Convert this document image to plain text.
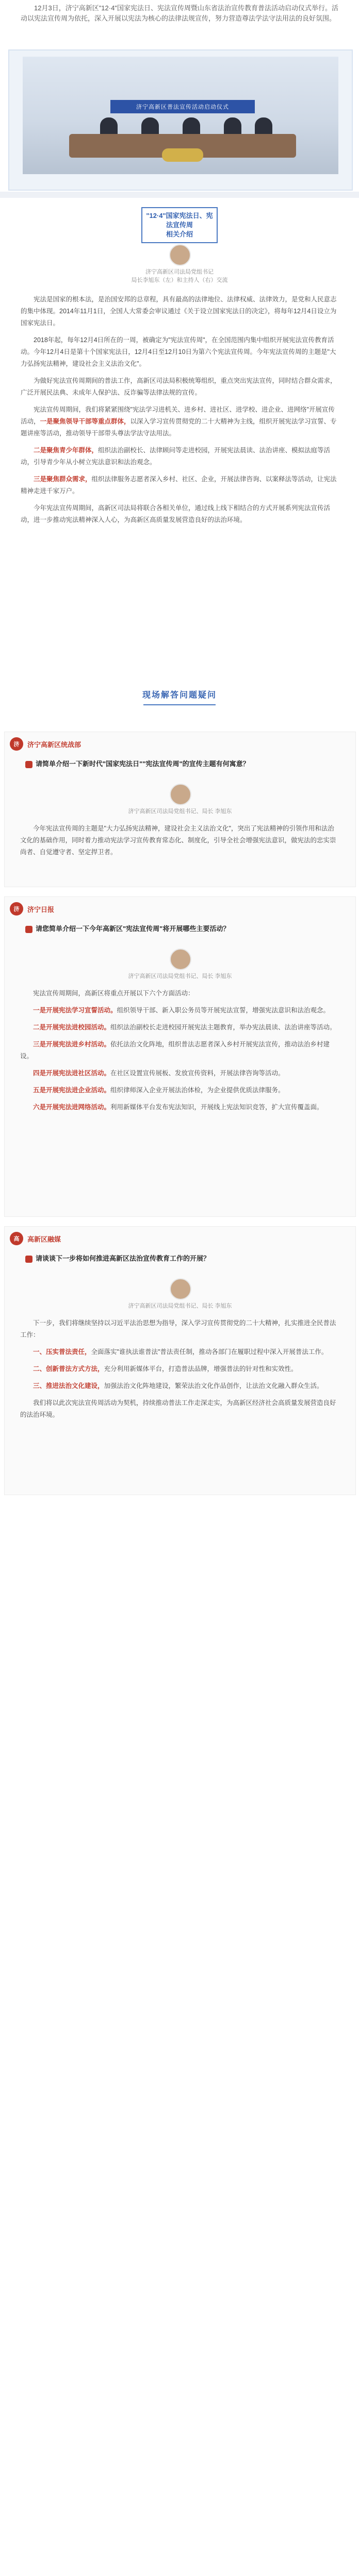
12月3日，济宁高新区"12·4"国家宪法日、宪法宣传周暨山东省法治宣传教育普法活动启动仪式举行。活动以宪法宣传周为依托，深入开展以宪法为核心的法律法规宣传，努力营造尊法学法守法用法的良好氛围。

济宁高新区普法宣传活动启动仪式
"12·4"国家宪法日、宪法宣传周
相关介绍
济宁高新区司法局党组书记
局长李旭东（左）和主持人（右）交流

宪法是国家的根本法，是治国安邦的总章程，具有最高的法律地位、法律权威、法律效力，是党和人民意志的集中体现。2014年11月1日，全国人大常委会审议通过《关于设立国家宪法日的决定》，将每年12月4日设立为国家宪法日。

2018年起，每年12月4日所在的一周，被确定为"宪法宣传周"，在全国范围内集中组织开展宪法宣传教育活动。今年12月4日是第十个国家宪法日，12月4日至12月10日为第六个宪法宣传周。今年宪法宣传周的主题是"大力弘扬宪法精神，建设社会主义法治文化"。

为做好宪法宣传周期间的普法工作，高新区司法局积极统筹组织，重点突出宪法宣传，同时结合群众需求，广泛开展民法典、未成年人保护法、反诈骗等法律法规的宣传。

宪法宣传周期间，我们将紧紧围绕"宪法学习进机关、进乡村、进社区、进学校、进企业、进网络"开展宣传活动，一是聚焦领导干部等重点群体，以深入学习宣传贯彻党的二十大精神为主线，组织开展宪法学习宣誓、专题讲座等活动，推动领导干部带头尊法学法守法用法。

二是聚焦青少年群体，组织法治副校长、法律顾问等走进校园，开展宪法晨读、法治讲座、模拟法庭等活动，引导青少年从小树立宪法意识和法治观念。

三是聚焦群众需求，组织法律服务志愿者深入乡村、社区、企业，开展法律咨询、以案释法等活动，让宪法精神走进千家万户。

今年宪法宣传周期间，高新区司法局将联合各相关单位，通过线上线下相结合的方式开展系列宪法宣传活动，进一步推动宪法精神深入人心，为高新区高质量发展营造良好的法治环境。

现场解答问题疑问
济	济宁高新区统战部
请简单介绍一下新时代"国家宪法日""宪法宣传周"的宣传主题有何寓意？
济宁高新区司法局党组书记、局长 李旭东

今年宪法宣传周的主题是"大力弘扬宪法精神，建设社会主义法治文化"，突出了宪法精神的引领作用和法治文化的基础作用，同时着力推动宪法学习宣传教育常态化、制度化，引导全社会增强宪法意识，做宪法的忠实崇尚者、自觉遵守者、坚定捍卫者。

济	济宁日报
请您简单介绍一下今年高新区"宪法宣传周"将开展哪些主要活动？
济宁高新区司法局党组书记、局长 李旭东

宪法宣传周期间，高新区将重点开展以下六个方面活动：

一是开展宪法学习宣誓活动。组织领导干部、新入职公务员等开展宪法宣誓，增强宪法意识和法治观念。

二是开展宪法进校园活动。组织法治副校长走进校园开展宪法主题教育，举办宪法晨读、法治讲座等活动。

三是开展宪法进乡村活动。依托法治文化阵地，组织普法志愿者深入乡村开展宪法宣传，推动法治乡村建设。

四是开展宪法进社区活动。在社区设置宣传展板、发放宣传资料，开展法律咨询等活动。

五是开展宪法进企业活动。组织律师深入企业开展法治体检，为企业提供优质法律服务。

六是开展宪法进网络活动。利用新媒体平台发布宪法知识，开展线上宪法知识竞答，扩大宣传覆盖面。

高	高新区融媒
请谈谈下一步将如何推进高新区法治宣传教育工作的开展？
济宁高新区司法局党组书记、局长 李旭东

下一步，我们将继续坚持以习近平法治思想为指导，深入学习宣传贯彻党的二十大精神，扎实推进全民普法工作：

一、压实普法责任，全面落实"谁执法谁普法"普法责任制，推动各部门在履职过程中深入开展普法工作。

二、创新普法方式方法，充分利用新媒体平台，打造普法品牌，增强普法的针对性和实效性。

三、推进法治文化建设，加强法治文化阵地建设，繁荣法治文化作品创作，让法治文化融入群众生活。

我们将以此次宪法宣传周活动为契机，持续推动普法工作走深走实，为高新区经济社会高质量发展营造良好的法治环境。
